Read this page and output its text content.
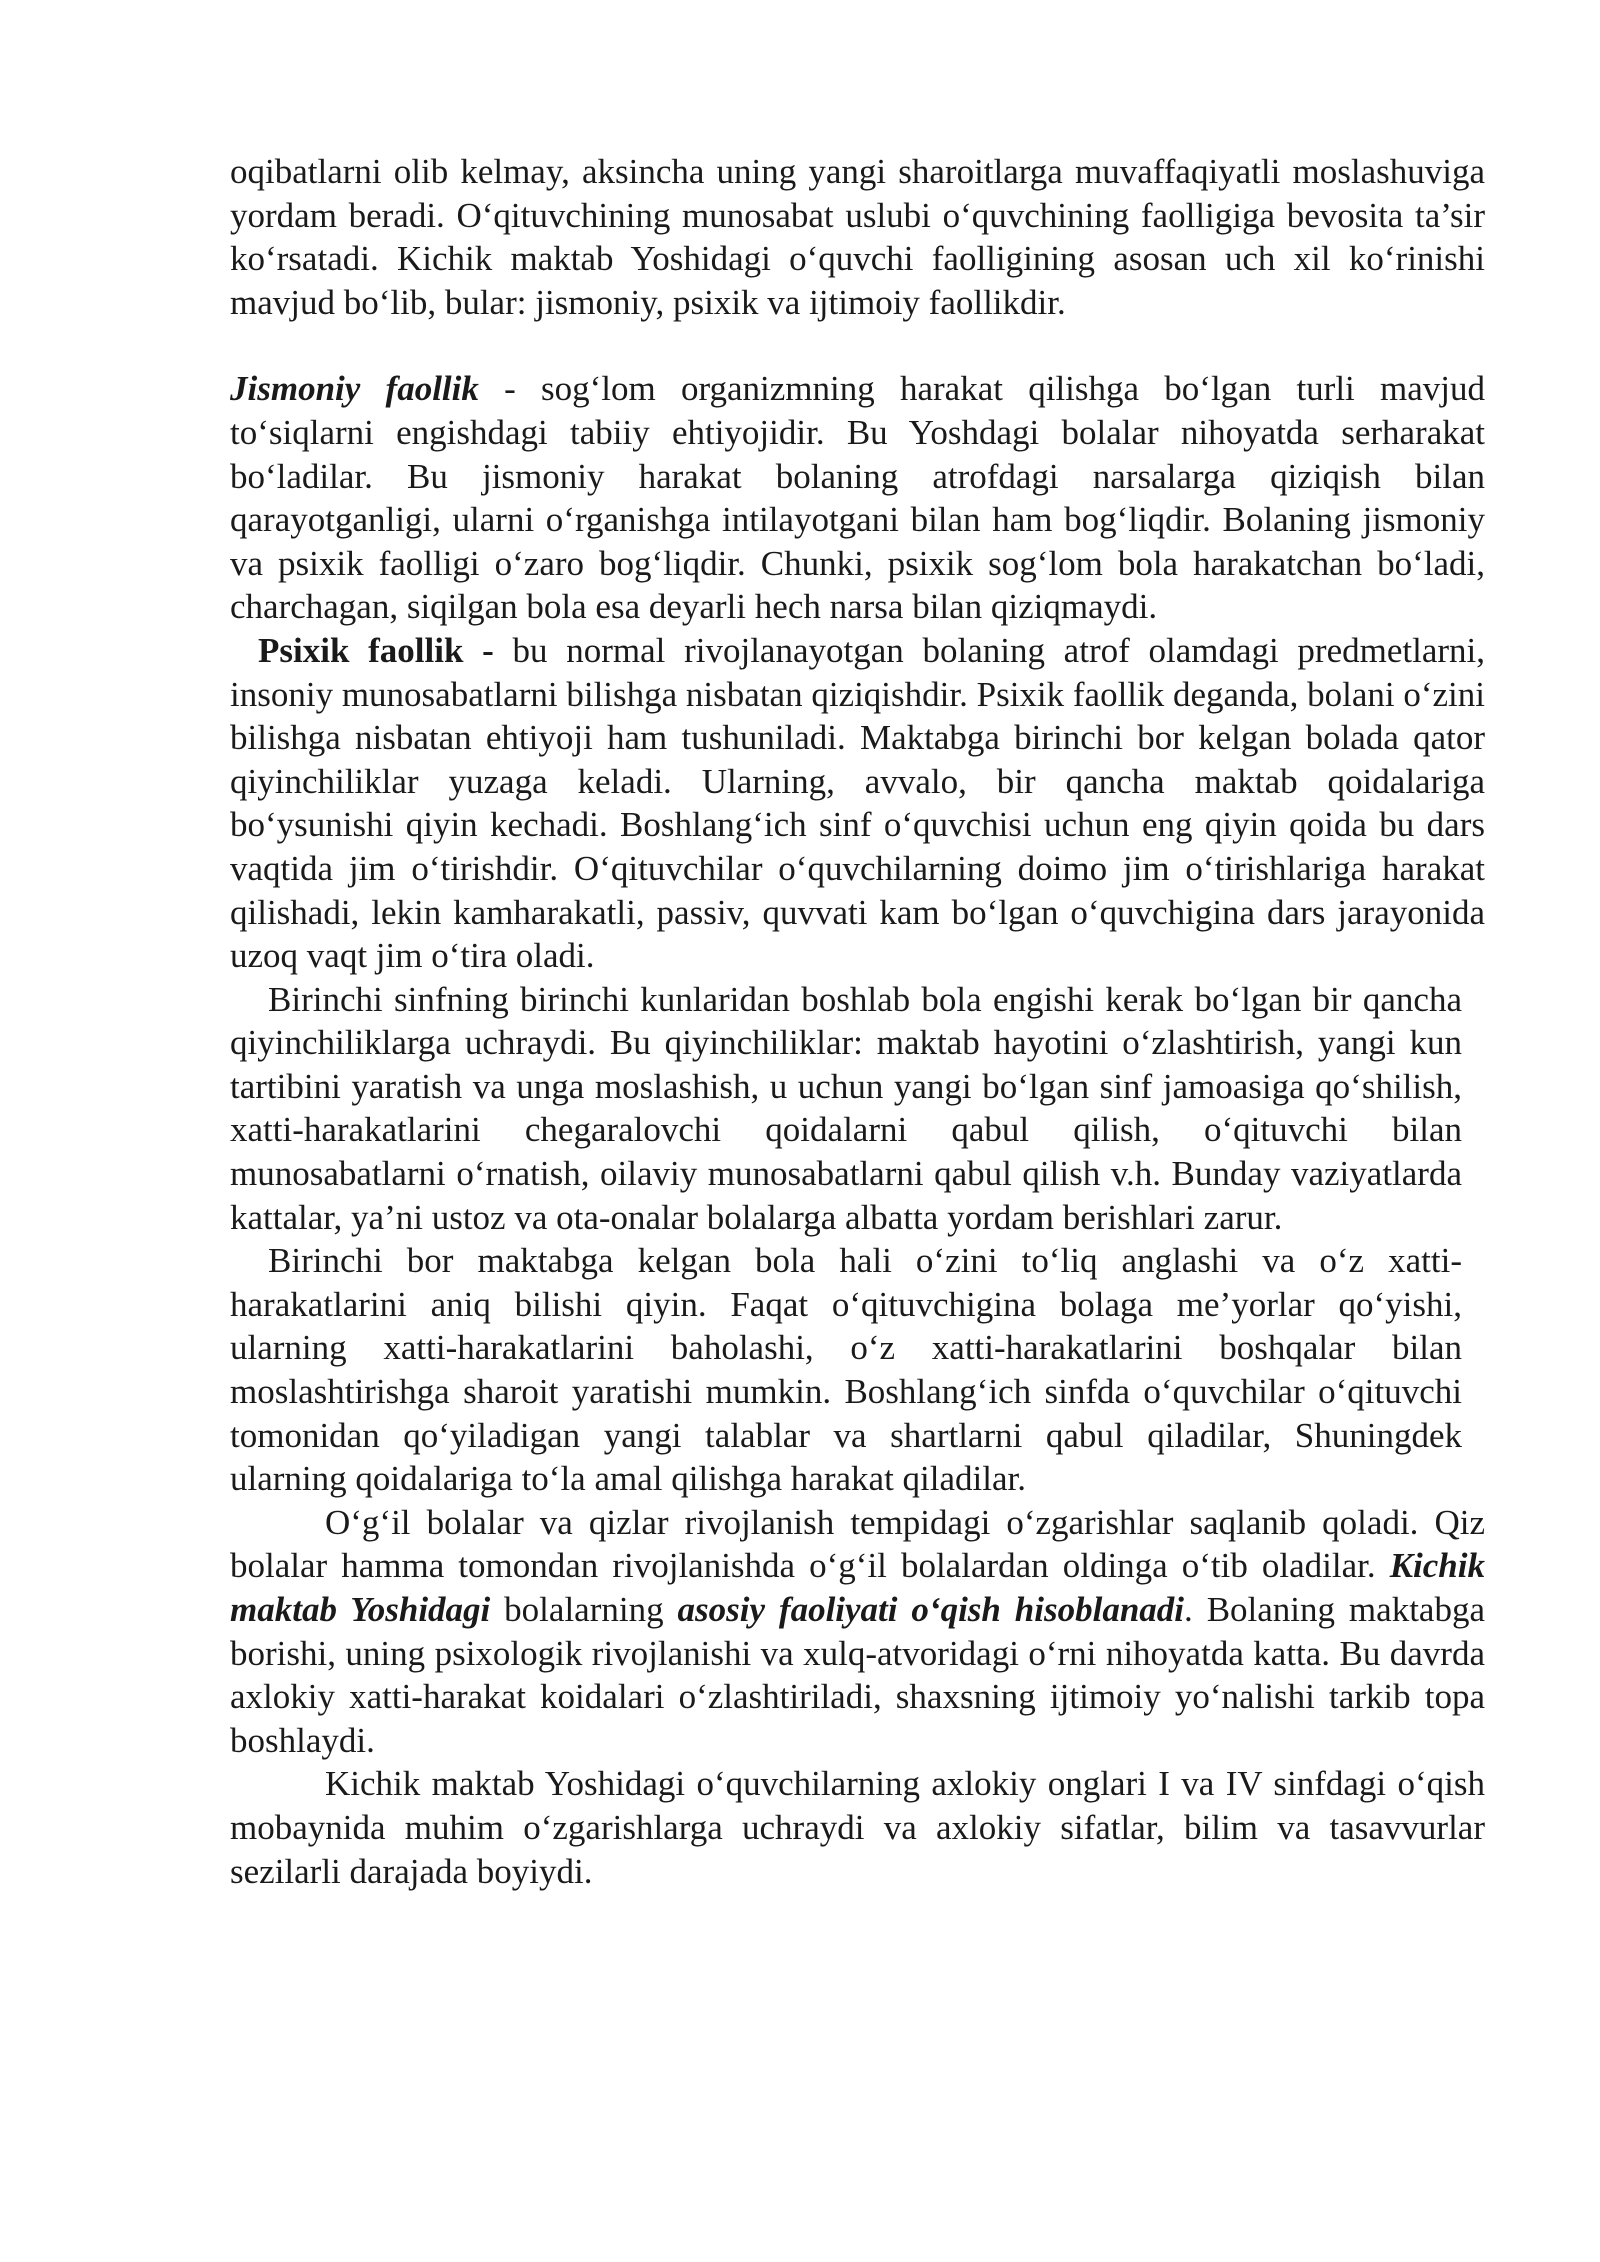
oqibatlarni olib kelmay, aksincha uning yangi sharoitlarga muvaffaqiyatli moslashuviga yordam beradi. O‘qituvchining munosabat uslubi o‘quvchining faolligiga bevosita ta’sir ko‘rsatadi. Kichik maktab Yoshidagi o‘quvchi faolligining asosan uch xil ko‘rinishi mavjud bo‘lib, bular: jismoniy, psixik va ijtimoiy faollikdir.

Jismoniy faollik - sog‘lom organizmning harakat qilishga bo‘lgan turli mavjud to‘siqlarni engishdagi tabiiy ehtiyojidir. Bu Yoshdagi bolalar nihoyatda serharakat bo‘ladilar. Bu jismoniy harakat bolaning atrofdagi narsalarga qiziqish bilan qarayotganligi, ularni o‘rganishga intilayotgani bilan ham bog‘liqdir. Bolaning jismoniy va psixik faolligi o‘zaro bog‘liqdir. Chunki, psixik sog‘lom bola harakatchan bo‘ladi, charchagan, siqilgan bola esa deyarli hech narsa bilan qiziqmaydi.

Psixik faollik - bu normal rivojlanayotgan bolaning atrof olamdagi predmetlarni, insoniy munosabatlarni bilishga nisbatan qiziqishdir. Psixik faollik deganda, bolani o‘zini bilishga nisbatan ehtiyoji ham tushuniladi. Maktabga birinchi bor kelgan bolada qator qiyinchiliklar yuzaga keladi. Ularning, avvalo, bir qancha maktab qoidalariga bo‘ysunishi qiyin kechadi. Boshlang‘ich sinf o‘quvchisi uchun eng qiyin qoida bu dars vaqtida jim o‘tirishdir. O‘qituvchilar o‘quvchilarning doimo jim o‘tirishlariga harakat qilishadi, lekin kamharakatli, passiv, quvvati kam bo‘lgan o‘quvchigina dars jarayonida uzoq vaqt jim o‘tira oladi.

Birinchi sinfning birinchi kunlaridan boshlab bola engishi kerak bo‘lgan bir qancha qiyinchiliklarga uchraydi. Bu qiyinchiliklar: maktab hayotini o‘zlashtirish, yangi kun tartibini yaratish va unga moslashish, u uchun yangi bo‘lgan sinf jamoasiga qo‘shilish, xatti-harakatlarini chegaralovchi qoidalarni qabul qilish, o‘qituvchi bilan munosabatlarni o‘rnatish, oilaviy munosabatlarni qabul qilish v.h. Bunday vaziyatlarda kattalar, ya’ni ustoz va ota-onalar bolalarga albatta yordam berishlari zarur.

Birinchi bor maktabga kelgan bola hali o‘zini to‘liq anglashi va o‘z xatti-harakatlarini aniq bilishi qiyin. Faqat o‘qituvchigina bolaga me’yorlar qo‘yishi, ularning xatti-harakatlarini baholashi, o‘z xatti-harakatlarini boshqalar bilan moslashtirishga sharoit yaratishi mumkin. Boshlang‘ich sinfda o‘quvchilar o‘qituvchi tomonidan qo‘yiladigan yangi talablar va shartlarni qabul qiladilar, Shuningdek ularning qoidalariga to‘la amal qilishga harakat qiladilar.

O‘g‘il bolalar va qizlar rivojlanish tempidagi o‘zgarishlar saqlanib qoladi. Qiz bolalar hamma tomondan rivojlanishda o‘g‘il bolalardan oldinga o‘tib oladilar. Kichik maktab Yoshidagi bolalarning asosiy faoliyati o‘qish hisoblanadi. Bolaning maktabga borishi, uning psixologik rivojlanishi va xulq-atvoridagi o‘rni nihoyatda katta. Bu davrda axlokiy xatti-harakat koidalari o‘zlashtiriladi, shaxsning ijtimoiy yo‘nalishi tarkib topa boshlaydi.

Kichik maktab Yoshidagi o‘quvchilarning axlokiy onglari I va IV sinfdagi o‘qish mobaynida muhim o‘zgarishlarga uchraydi va axlokiy sifatlar, bilim va tasavvurlar sezilarli darajada boyiydi.
